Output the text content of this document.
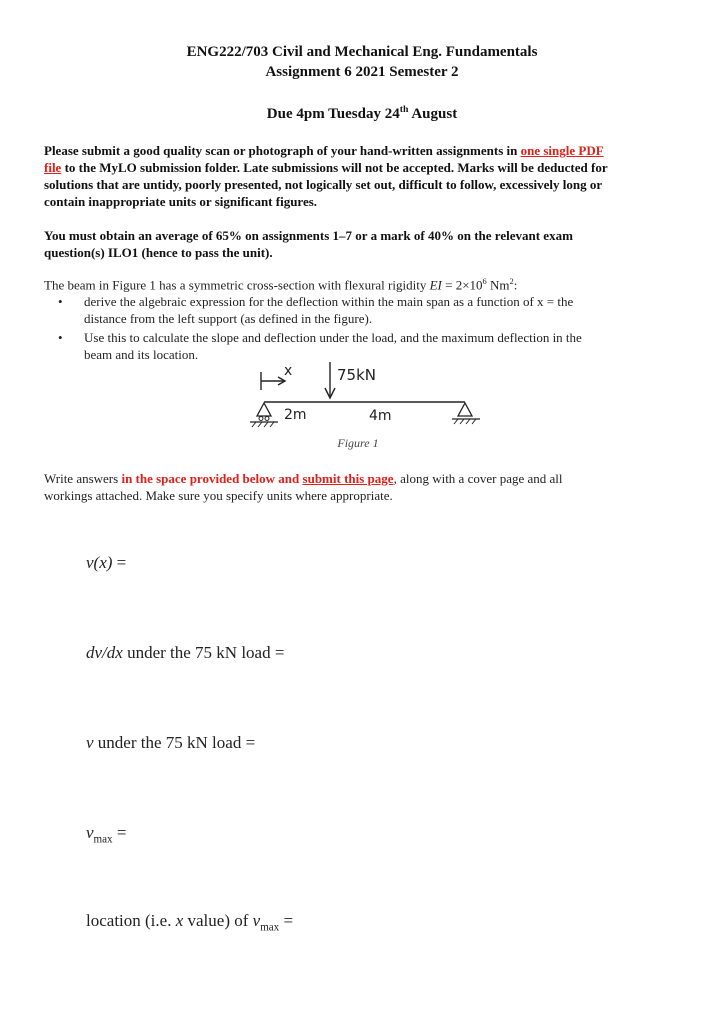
ENG222/703 Civil and Mechanical Eng. Fundamentals
Assignment 6 2021 Semester 2
Due 4pm Tuesday 24th August
Please submit a good quality scan or photograph of your hand-written assignments in one single PDF
file to the MyLO submission folder. Late submissions will not be accepted. Marks will be deducted for
solutions that are untidy, poorly presented, not logically set out, difficult to follow, excessively long or
contain inappropriate units or significant figures.
You must obtain an average of 65% on assignments 1–7 or a mark of 40% on the relevant exam
question(s) ILO1 (hence to pass the unit).
The beam in Figure 1 has a symmetric cross-section with flexural rigidity EI = $2\times 10^6$ Nm$^2$:
• derive the algebraic expression for the deflection within the main span as a function of x = the
distance from the left support (as defined in the figure).
• Use this to calculate the slope and deflection under the load, and the maximum deflection in the
beam and its location.
x	75kN
2m	4m
Figure 1
Write answers in the space provided below and submit this page, along with a cover page and all
workings attached. Make sure you specify units where appropriate.
v(x) =
dv/dx under the 75 kN load =
v under the 75 kN load =
$v_{max}$ =
location (i.e. x value) of $v_{max}$ =
